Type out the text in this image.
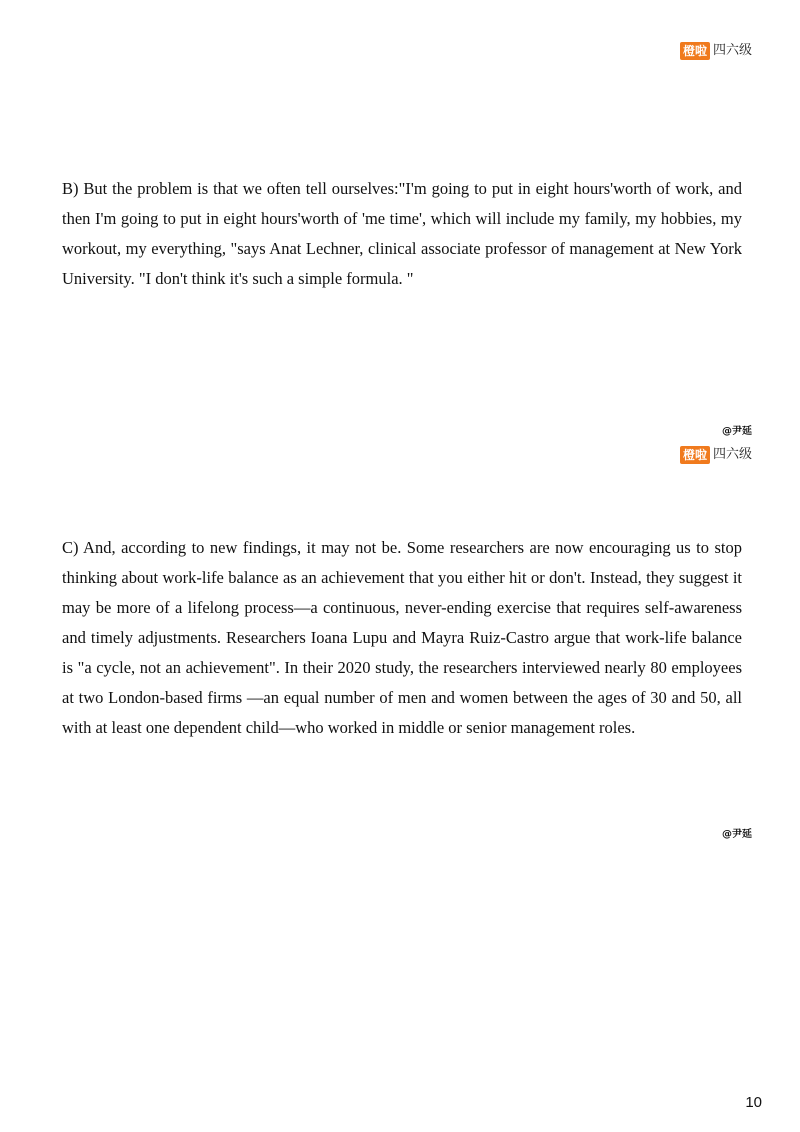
橙啦 四六级
B) But the problem is that we often tell ourselves:"I'm going to put in eight hours'worth of work, and then I'm going to put in eight hours'worth of 'me time', which will include my family, my hobbies, my workout, my everything, "says Anat Lechner, clinical associate professor of management at New York University. "I don't think it's such a simple formula. "
@尹延
橙啦 四六级
C) And, according to new findings, it may not be. Some researchers are now encouraging us to stop thinking about work-life balance as an achievement that you either hit or don't. Instead, they suggest it may be more of a lifelong process—a continuous, never-ending exercise that requires self-awareness and timely adjustments. Researchers Ioana Lupu and Mayra Ruiz-Castro argue that work-life balance is "a cycle, not an achievement". In their 2020 study, the researchers interviewed nearly 80 employees at two London-based firms —an equal number of men and women between the ages of 30 and 50, all with at least one dependent child—who worked in middle or senior management roles.
@尹延
10
